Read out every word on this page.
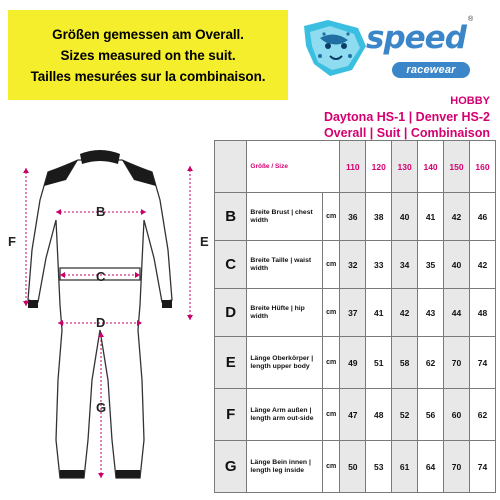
Größen gemessen am Overall.
Sizes measured on the suit.
Tailles mesurées sur la combinaison.
speed
®
racewear
HOBBY
Daytona HS-1 | Denver HS-2
Overall | Suit | Combinaison
B
C
D
E
F
G
	Größe / Size		110	120	130	140	150	160
B	Breite Brust | chest width	cm	36	38	40	41	42	46
C	Breite Taille | waist width	cm	32	33	34	35	40	42
D	Breite Hüfte | hip width	cm	37	41	42	43	44	48
E	Länge Oberkörper | length upper body	cm	49	51	58	62	70	74
F	Länge Arm außen | length arm out-side	cm	47	48	52	56	60	62
G	Länge Bein innen | length leg inside	cm	50	53	61	64	70	74
